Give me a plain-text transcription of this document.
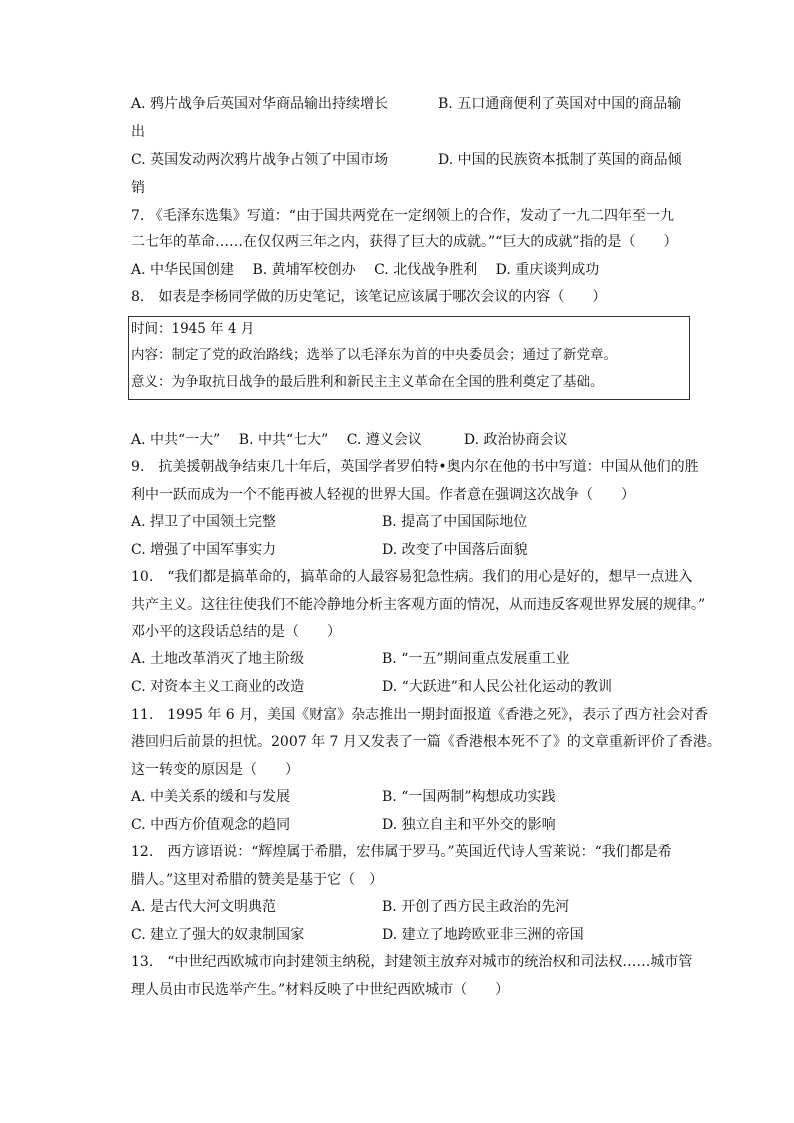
A. 鸦片战争后英国对华商品输出持续增长	B. 五口通商便利了英国对中国的商品输
出
C. 英国发动两次鸦片战争占领了中国市场	D. 中国的民族资本抵制了英国的商品倾
销
7. 《毛泽东选集》写道：“由于国共两党在一定纲领上的合作，发动了一九二四年至一九
二七年的革命……在仅仅两三年之内，获得了巨大的成就。”“巨大的成就”指的是（　　）
A. 中华民国创建　 B. 黄埔军校创办　 C. 北伐战争胜利　 D. 重庆谈判成功
8.　如表是李杨同学做的历史笔记，该笔记应该属于哪次会议的内容（　　）
时间：1945 年 4 月
内容：制定了党的政治路线；选举了以毛泽东为首的中央委员会；通过了新党章。
意义：为争取抗日战争的最后胜利和新民主主义革命在全国的胜利奠定了基础。
A. 中共“一大”　 B. 中共“七大”　 C. 遵义会议　　　D. 政治协商会议
9.　抗美援朝战争结束几十年后，英国学者罗伯特•奥内尔在他的书中写道：中国从他们的胜
利中一跃而成为一个不能再被人轻视的世界大国。作者意在强调这次战争（　　）
A. 捍卫了中国领土完整	B. 提高了中国国际地位
C. 增强了中国军事实力	D. 改变了中国落后面貌
10.　“我们都是搞革命的，搞革命的人最容易犯急性病。我们的用心是好的，想早一点进入
共产主义。这往往使我们不能冷静地分析主客观方面的情况，从而违反客观世界发展的规律。”
邓小平的这段话总结的是（　　）
A. 土地改革消灭了地主阶级	B. “一五”期间重点发展重工业
C. 对资本主义工商业的改造	D. “大跃进”和人民公社化运动的教训
11.　1995 年 6 月，美国《财富》杂志推出一期封面报道《香港之死》，表示了西方社会对香
港回归后前景的担忧。2007 年 7 月又发表了一篇《香港根本死不了》的文章重新评价了香港。
这一转变的原因是（　　）
A. 中美关系的缓和与发展	B. “一国两制”构想成功实践
C. 中西方价值观念的趋同	D. 独立自主和平外交的影响
12.　西方谚语说：“辉煌属于希腊，宏伟属于罗马。”英国近代诗人雪莱说：“我们都是希
腊人。”这里对希腊的赞美是基于它（　）
A. 是古代大河文明典范	B. 开创了西方民主政治的先河
C. 建立了强大的奴隶制国家	D. 建立了地跨欧亚非三洲的帝国
13.　“中世纪西欧城市向封建领主纳税，封建领主放弃对城市的统治权和司法权……城市管
理人员由市民选举产生。”材料反映了中世纪西欧城市（　　）
